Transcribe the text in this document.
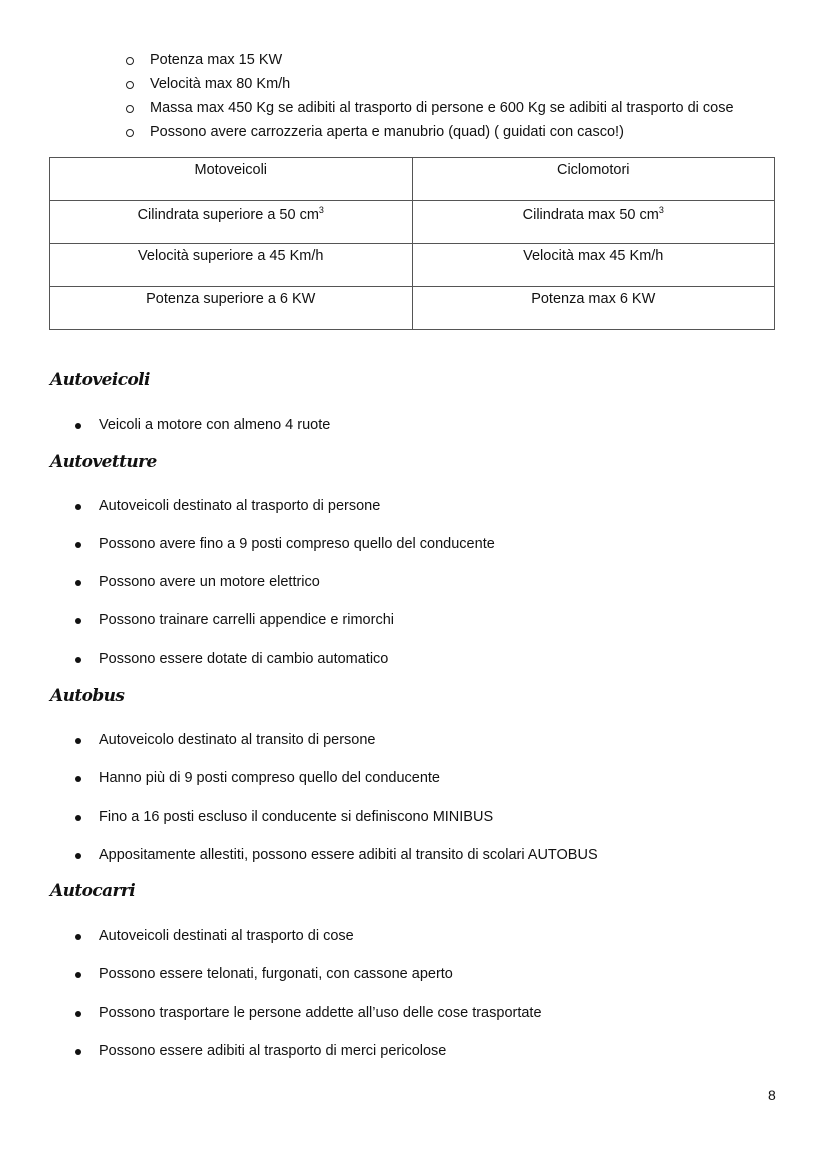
Potenza max 15 KW
Velocità max 80 Km/h
Massa max 450 Kg se adibiti al trasporto di persone e 600 Kg se adibiti al trasporto di cose
Possono avere carrozzeria aperta e manubrio (quad) ( guidati con casco!)
Motoveicoli	Ciclomotori
Cilindrata superiore a 50 $cm^3$	Cilindrata max 50 $cm^3$
Velocità superiore a 45 Km/h	Velocità max 45 Km/h
Potenza superiore a 6 KW	Potenza max 6 KW
Autoveicoli
Veicoli a motore con almeno 4 ruote
Autovetture
Autoveicoli destinato al trasporto di persone
Possono avere fino a 9 posti compreso quello del conducente
Possono avere un motore elettrico
Possono trainare carrelli appendice e rimorchi
Possono essere dotate di cambio automatico
Autobus
Autoveicolo destinato al transito di persone
Hanno più di 9 posti compreso quello del conducente
Fino a 16 posti escluso il conducente si definiscono MINIBUS
Appositamente allestiti, possono essere adibiti al transito di scolari AUTOBUS
Autocarri
Autoveicoli destinati al trasporto di cose
Possono essere telonati, furgonati, con cassone aperto
Possono trasportare le persone addette all’uso delle cose trasportate
Possono essere adibiti al trasporto di merci pericolose
8
